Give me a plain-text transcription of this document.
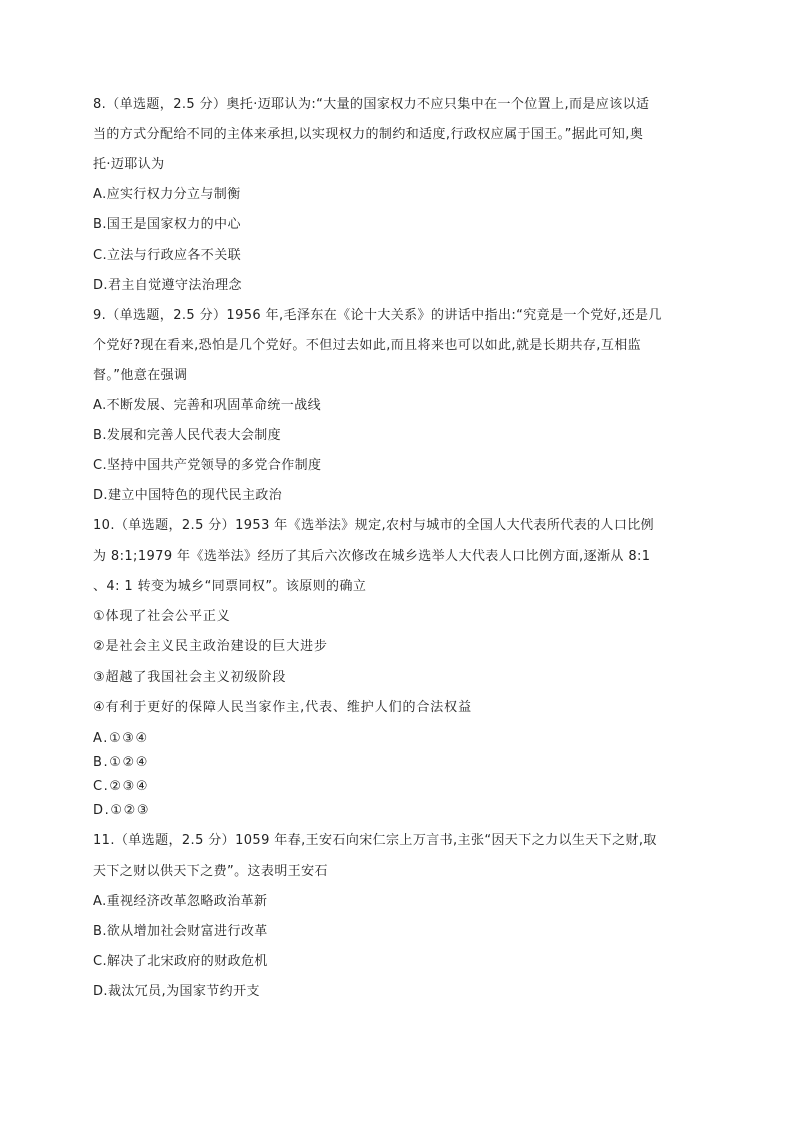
8.（单选题，2.5 分）奥托·迈耶认为:“大量的国家权力不应只集中在一个位置上,而是应该以适
当的方式分配给不同的主体来承担,以实现权力的制约和适度,行政权应属于国王。”据此可知,奥
托·迈耶认为
A.应实行权力分立与制衡
B.国王是国家权力的中心
C.立法与行政应各不关联
D.君主自觉遵守法治理念
9.（单选题，2.5 分）1956 年,毛泽东在《论十大关系》的讲话中指出:“究竟是一个党好,还是几
个党好?现在看来,恐怕是几个党好。不但过去如此,而且将来也可以如此,就是长期共存,互相监
督。”他意在强调
A.不断发展、完善和巩固革命统一战线
B.发展和完善人民代表大会制度
C.坚持中国共产党领导的多党合作制度
D.建立中国特色的现代民主政治
10.（单选题，2.5 分）1953 年《选举法》规定,农村与城市的全国人大代表所代表的人口比例
为 8:1;1979 年《选举法》经历了其后六次修改在城乡选举人大代表人口比例方面,逐渐从 8:1
、4: 1 转变为城乡“同票同权”。该原则的确立
①体现了社会公平正义
②是社会主义民主政治建设的巨大进步
③超越了我国社会主义初级阶段
④有利于更好的保障人民当家作主,代表、维护人们的合法权益
A.①③④
B.①②④
C.②③④
D.①②③
11.（单选题，2.5 分）1059 年春,王安石向宋仁宗上万言书,主张“因天下之力以生天下之财,取
天下之财以供天下之费”。这表明王安石
A.重视经济改革忽略政治革新
B.欲从增加社会财富进行改革
C.解决了北宋政府的财政危机
D.裁汰冗员,为国家节约开支
